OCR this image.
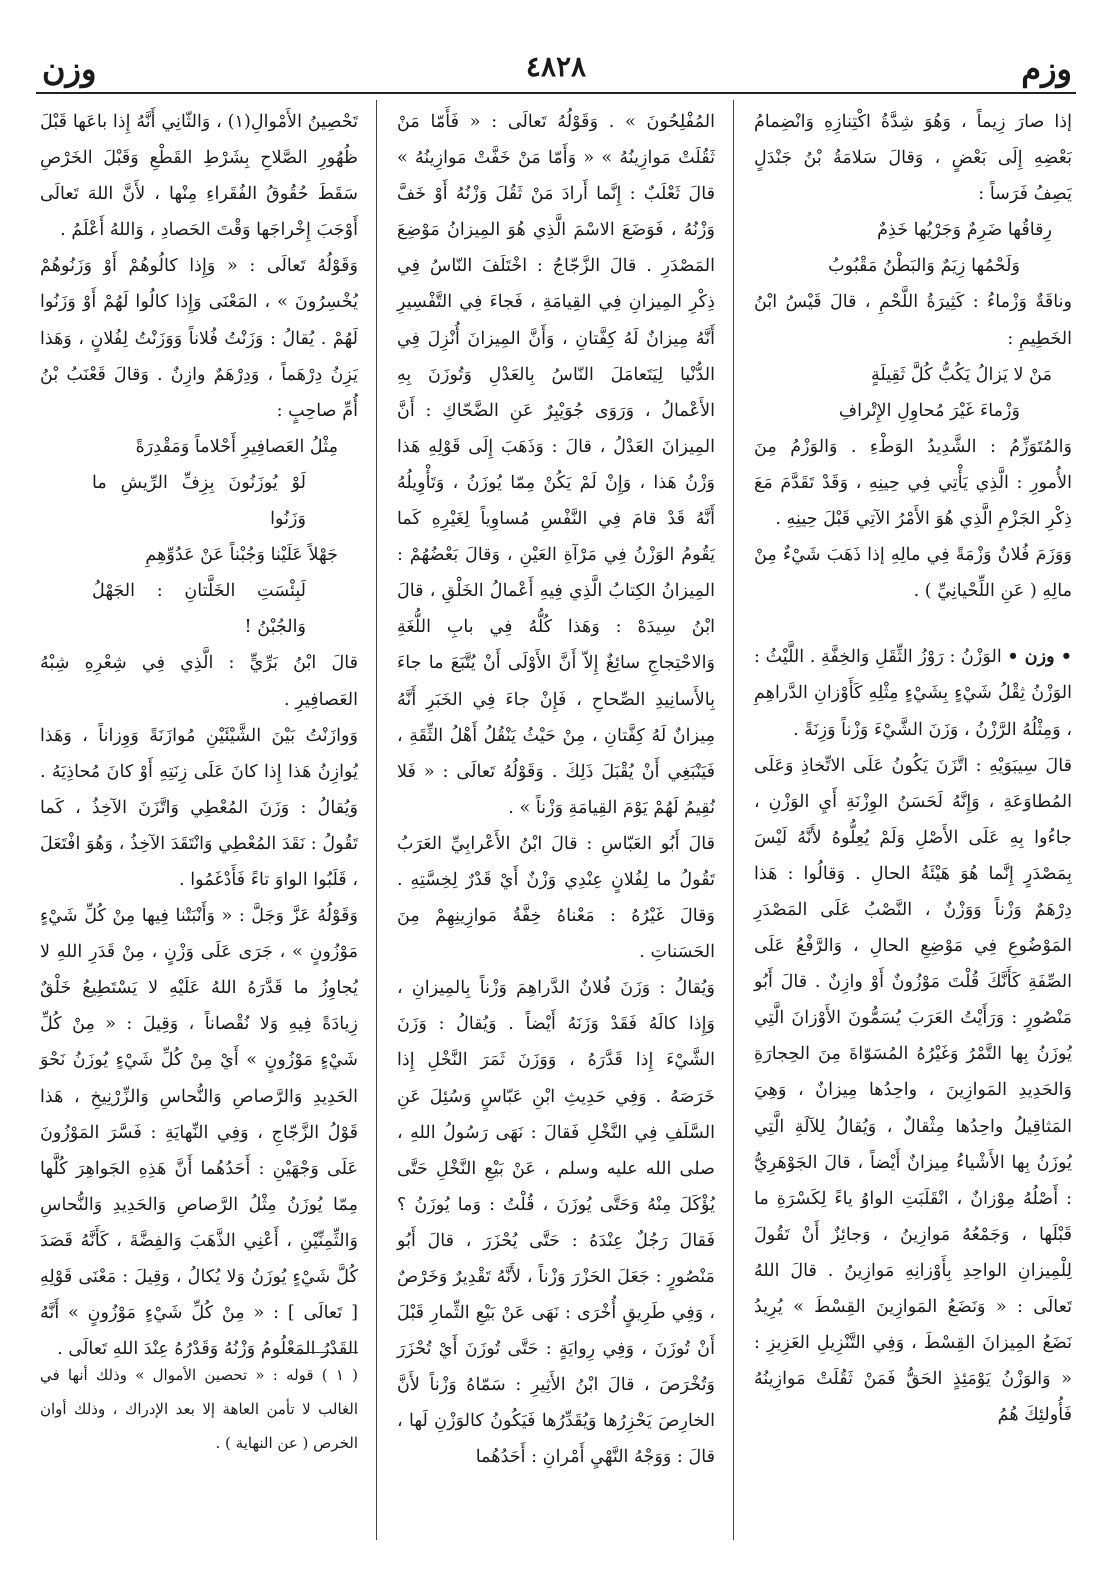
وزم
٤٨٢٨
وزن

إذا صارَ زِيماً ، وَهُوَ شِدَّةُ اكْتِنازِهِ وَانْضِمامُ بَعْضِهِ إِلَى بَعْضٍ ، وَقالَ سَلامَةُ بْنُ جَنْدَلٍ يَصِفُ فَرَساً :

رِقاقُها ضَرِمٌ وَجَرْيُها خَذِمٌ

وَلَحْمُها زِيَمٌ وَالبَطْنُ مَقْبُوبُ

وناقَةٌ وَزْماءُ : كَثِيرَةُ اللَّحْمِ ، قالَ قَيْسُ ابْنُ الخَطِيمِ :

مَنْ لا يَزالُ يَكُبُّ كُلَّ ثَقِيلَةٍ

وَزْماءَ غَيْرَ مُحاوِلِ الإِتْرافِ

وَالمُتَوَزِّمُ : الشَّدِيدُ الوَطْءِ . وَالوَزْمُ مِنَ الأُمورِ : الَّذِي يَأْتِي فِي حِينِهِ ، وَقَدْ تَقَدَّمَ مَعَ ذِكْرِ الجَزْمِ الَّذِي هُوَ الأَمْرُ الآتِي قَبْلَ حِينِهِ .

وَوَزَمَ فُلانٌ وَزْمَةً فِي مالِهِ إذا ذَهَبَ شَيْءٌ مِنْ مالِهِ ( عَنِ اللِّحْيانِيِّ ) .

• وزن • الوَزْنُ : رَوْزُ الثِّقَلِ وَالخِفَّةِ . اللَّيْثُ : الوَزْنُ ثِقْلُ شَيْءٍ بِشَيْءٍ مِثْلِهِ كَأَوْزانِ الدَّراهِمِ ، وَمِثْلُهُ الرَّزْنُ ، وَزَنَ الشَّيْءَ وَزْناً وَزِنَةً .

قالَ سِيبَوَيْهِ : اتَّزَنَ يَكُونُ عَلَى الاتِّخاذِ وَعَلَى المُطاوَعَةِ ، وَإِنَّهُ لَحَسَنُ الوِزْنَةِ أَيِ الوَزْنِ ، جاءُوا بِهِ عَلَى الأَصْلِ وَلَمْ يُعِلُّوهُ لأَنَّهُ لَيْسَ بِمَصْدَرٍ إِنَّما هُوَ هَيْئَةُ الحالِ . وَقالُوا : هَذا دِرْهَمٌ وَزْناً وَوَزْنٌ ، النَّصْبُ عَلَى المَصْدَرِ المَوْضُوعِ فِي مَوْضِعِ الحالِ ، وَالرَّفْعُ عَلَى الصِّفَةِ كَأَنَّكَ قُلْتَ مَوْزُونٌ أَوْ وازِنٌ . قالَ أَبُو مَنْصُورٍ : وَرَأَيْتُ العَرَبَ يُسَمُّونَ الأَوْزانَ الَّتِي يُوزَنُ بِها التَّمْرُ وَغَيْرُهُ المُسَوّاةَ مِنَ الحِجارَةِ وَالحَدِيدِ المَوازِينَ ، واحِدُها مِيزانٌ ، وَهِيَ المَثاقِيلُ واحِدُها مِثْقالٌ ، وَيُقالُ لِلآلَةِ الَّتِي يُوزَنُ بِها الأَشْياءُ مِيزانٌ أَيْضاً ، قالَ الجَوْهَرِيُّ : أَصْلُهُ مِوْزانٌ ، انْقَلَبَتِ الواوُ ياءً لِكَسْرَةِ ما قَبْلَها ، وَجَمْعُهُ مَوازِينُ ، وَجائِزٌ أَنْ تَقُولَ لِلْمِيزانِ الواحِدِ بِأَوْزانِهِ مَوازِينُ . قالَ اللهُ تَعالَى : « وَنَضَعُ المَوازِينَ القِسْطَ » يُرِيدُ نَضَعُ المِيزانَ القِسْطَ ، وَفِي التَّنْزِيلِ العَزِيزِ : « وَالوَزْنُ يَوْمَئِذٍ الحَقُّ فَمَنْ ثَقُلَتْ مَوازِينُهُ فَأُولئِكَ هُمُ

المُفْلِحُونَ » . وَقَوْلُهُ تَعالَى : « فَأَمّا مَنْ ثَقُلَتْ مَوازِينُهُ » « وَأَمّا مَنْ خَفَّتْ مَوازِينُهُ » قالَ ثَعْلَبٌ : إِنَّما أَرادَ مَنْ ثَقُلَ وَزْنُهُ أَوْ خَفَّ وَزْنُهُ ، فَوَضَعَ الاسْمَ الَّذِي هُوَ المِيزانُ مَوْضِعَ المَصْدَرِ . قالَ الزَّجّاجُ : اخْتَلَفَ النّاسُ فِي ذِكْرِ المِيزانِ فِي القِيامَةِ ، فَجاءَ فِي التَّفْسِيرِ أَنَّهُ مِيزانٌ لَهُ كِفَّتانِ ، وَأَنَّ المِيزانَ أُنْزِلَ فِي الدُّنْيا لِيَتَعامَلَ النّاسُ بِالعَدْلِ وَتُوزَنَ بِهِ الأَعْمالُ ، وَرَوَى جُوَيْبِرٌ عَنِ الضَّحّاكِ : أَنَّ المِيزانَ العَدْلُ ، قالَ : وَذَهَبَ إِلَى قَوْلِهِ هَذا وَزْنُ هَذا ، وَإِنْ لَمْ يَكُنْ مِمّا يُوزَنُ ، وَتَأْوِيلُهُ أَنَّهُ قَدْ قامَ فِي النَّفْسِ مُساوِياً لِغَيْرِهِ كَما يَقُومُ الوَزْنُ فِي مَرْآةِ العَيْنِ ، وَقالَ بَعْضُهُمْ : المِيزانُ الكِتابُ الَّذِي فِيهِ أَعْمالُ الخَلْقِ ، قالَ ابْنُ سِيدَهْ : وَهَذا كُلُّهُ فِي بابِ اللُّغَةِ وَالاحْتِجاجِ سائِغٌ إِلاّ أَنَّ الأَوْلَى أَنْ يُتَّبَعَ ما جاءَ بِالأَسانِيدِ الصِّحاحِ ، فَإِنْ جاءَ فِي الخَبَرِ أَنَّهُ مِيزانٌ لَهُ كِفَّتانِ ، مِنْ حَيْثُ يَنْقُلُ أَهْلُ الثِّقَةِ ، فَيَنْبَغِي أَنْ يُقْبَلَ ذَلِكَ . وَقَوْلُهُ تَعالَى : « فَلا نُقِيمُ لَهُمْ يَوْمَ القِيامَةِ وَزْناً » .

قالَ أَبُو العَبّاسِ : قالَ ابْنُ الأَعْرابِيِّ العَرَبُ تَقُولُ ما لِفُلانٍ عِنْدِي وَزْنٌ أَيْ قَدْرٌ لِخِسَّتِهِ . وَقالَ غَيْرُهُ : مَعْناهُ خِفَّةُ مَوازِينِهِمْ مِنَ الحَسَناتِ .

وَيُقالُ : وَزَنَ فُلانٌ الدَّراهِمَ وَزْناً بِالمِيزانِ ، وَإِذا كالَهُ فَقَدْ وَزَنَهُ أَيْضاً . وَيُقالُ : وَزَنَ الشَّيْءَ إِذا قَدَّرَهُ ، وَوَزَنَ ثَمَرَ النَّخْلِ إِذا خَرَصَهُ . وَفِي حَدِيثِ ابْنِ عَبّاسٍ وَسُئِلَ عَنِ السَّلَفِ فِي النَّخْلِ فَقالَ : نَهَى رَسُولُ اللهِ ، صلى الله عليه وسلم ، عَنْ بَيْعِ النَّخْلِ حَتَّى يُؤْكَلَ مِنْهُ وَحَتَّى يُوزَنَ ، قُلْتُ : وَما يُوزَنُ ؟ فَقالَ رَجُلٌ عِنْدَهُ : حَتَّى يُحْزَرَ ، قالَ أَبُو مَنْصُورٍ : جَعَلَ الحَزْرَ وَزْناً ، لأَنَّهُ تَقْدِيرٌ وَخَرْصٌ ، وَفِي طَرِيقٍ أُخْرَى : نَهَى عَنْ بَيْعِ الثِّمارِ قَبْلَ أَنْ تُوزَنَ ، وَفِي رِوايَةٍ : حَتَّى تُوزَنَ أَيْ تُحْزَرَ وَتُخْرَصَ ، قالَ ابْنُ الأَثِيرِ : سَمّاهُ وَزْناً لأَنَّ الخارِصَ يَحْزِرُها وَيُقَدِّرُها فَيَكُونُ كالوَزْنِ لَها ، قالَ : وَوَجْهُ النَّهْيِ أَمْرانِ : أَحَدُهُما

تَحْصِينُ الأَمْوالِ(١) ، وَالثّانِي أَنَّهُ إِذا باعَها قَبْلَ ظُهُورِ الصَّلاحِ بِشَرْطِ القَطْعِ وَقَبْلَ الخَرْصِ سَقَطَ حُقُوقُ الفُقَراءِ مِنْها ، لأَنَّ اللهَ تَعالَى أَوْجَبَ إِخْراجَها وَقْتَ الحَصادِ ، وَاللهُ أَعْلَمُ .

وَقَوْلُهُ تَعالَى : « وَإِذا كالُوهُمْ أَوْ وَزَنُوهُمْ يُخْسِرُونَ » ، المَعْنَى وَإِذا كالُوا لَهُمْ أَوْ وَزَنُوا لَهُمْ . يُقالُ : وَزَنْتُ فُلاناً وَوَزَنْتُ لِفُلانٍ ، وَهَذا يَزِنُ دِرْهَماً ، وَدِرْهَمٌ وازِنٌ . وَقالَ قَعْنَبُ بْنُ أُمِّ صاحِبٍ :

مِثْلُ العَصافِيرِ أَحْلاماً وَمَقْدِرَةً

لَوْ يُوزَنُونَ بِزِفِّ الرِّيشِ ما وَزَنُوا

جَهْلاً عَلَيْنا وَجُبْناً عَنْ عَدُوِّهِمِ

لَبِئْسَتِ الخَلَّتانِ : الجَهْلُ وَالجُبْنُ !

قالَ ابْنُ بَرِّيٍّ : الَّذِي فِي شِعْرِهِ شِبْهُ العَصافِيرِ .

وَوازَنْتُ بَيْنَ الشَّيْئَيْنِ مُوازَنَةً وَوِزاناً ، وَهَذا يُوازِنُ هَذا إِذا كانَ عَلَى زِنَتِهِ أَوْ كانَ مُحاذِيَهُ . وَيُقالُ : وَزَنَ المُعْطِي وَاتَّزَنَ الآخِذُ ، كَما تَقُولُ : نَقَدَ المُعْطِي وَانْتَقَدَ الآخِذُ ، وَهُوَ افْتَعَلَ ، قَلَبُوا الواوَ تاءً فَأَدْغَمُوا .

وَقَوْلُهُ عَزَّ وَجَلَّ : « وَأَنْبَتْنا فِيها مِنْ كُلِّ شَيْءٍ مَوْزُونٍ » ، جَرَى عَلَى وَزْنٍ ، مِنْ قَدَرِ اللهِ لا يُجاوِزُ ما قَدَّرَهُ اللهُ عَلَيْهِ لا يَسْتَطِيعُ خَلْقٌ زِيادَةً فِيهِ وَلا نُقْصاناً ، وَقِيلَ : « مِنْ كُلِّ شَيْءٍ مَوْزُونٍ » أَيْ مِنْ كُلِّ شَيْءٍ يُوزَنُ نَحْوَ الحَدِيدِ وَالرَّصاصِ وَالنُّحاسِ وَالزِّرْنِيخِ ، هَذا قَوْلُ الزَّجّاجِ ، وَفِي النِّهايَةِ : فَسَّرَ المَوْزُونَ عَلَى وَجْهَيْنِ : أَحَدُهُما أَنَّ هَذِهِ الجَواهِرَ كُلَّها مِمّا يُوزَنُ مِثْلُ الرَّصاصِ وَالحَدِيدِ وَالنُّحاسِ وَالثِّمِنِّيْنِ ، أَعْنِي الذَّهَبَ وَالفِضَّةَ ، كَأَنَّهُ قَصَدَ كُلَّ شَيْءٍ يُوزَنُ وَلا يُكالُ ، وَقِيلَ : مَعْنَى قَوْلِهِ [ تَعالَى ] : « مِنْ كُلِّ شَيْءٍ مَوْزُونٍ » أَنَّهُ القَدْرُ المَعْلُومُ وَزْنُهُ وَقَدْرُهُ عِنْدَ اللهِ تَعالَى .

( ١ ) قوله : « تحصين الأموال » وذلك أنها في الغالب لا تأمن العاهة إلا بعد الإدراك ، وذلك أوان الخرص ( عن النهاية ) .
